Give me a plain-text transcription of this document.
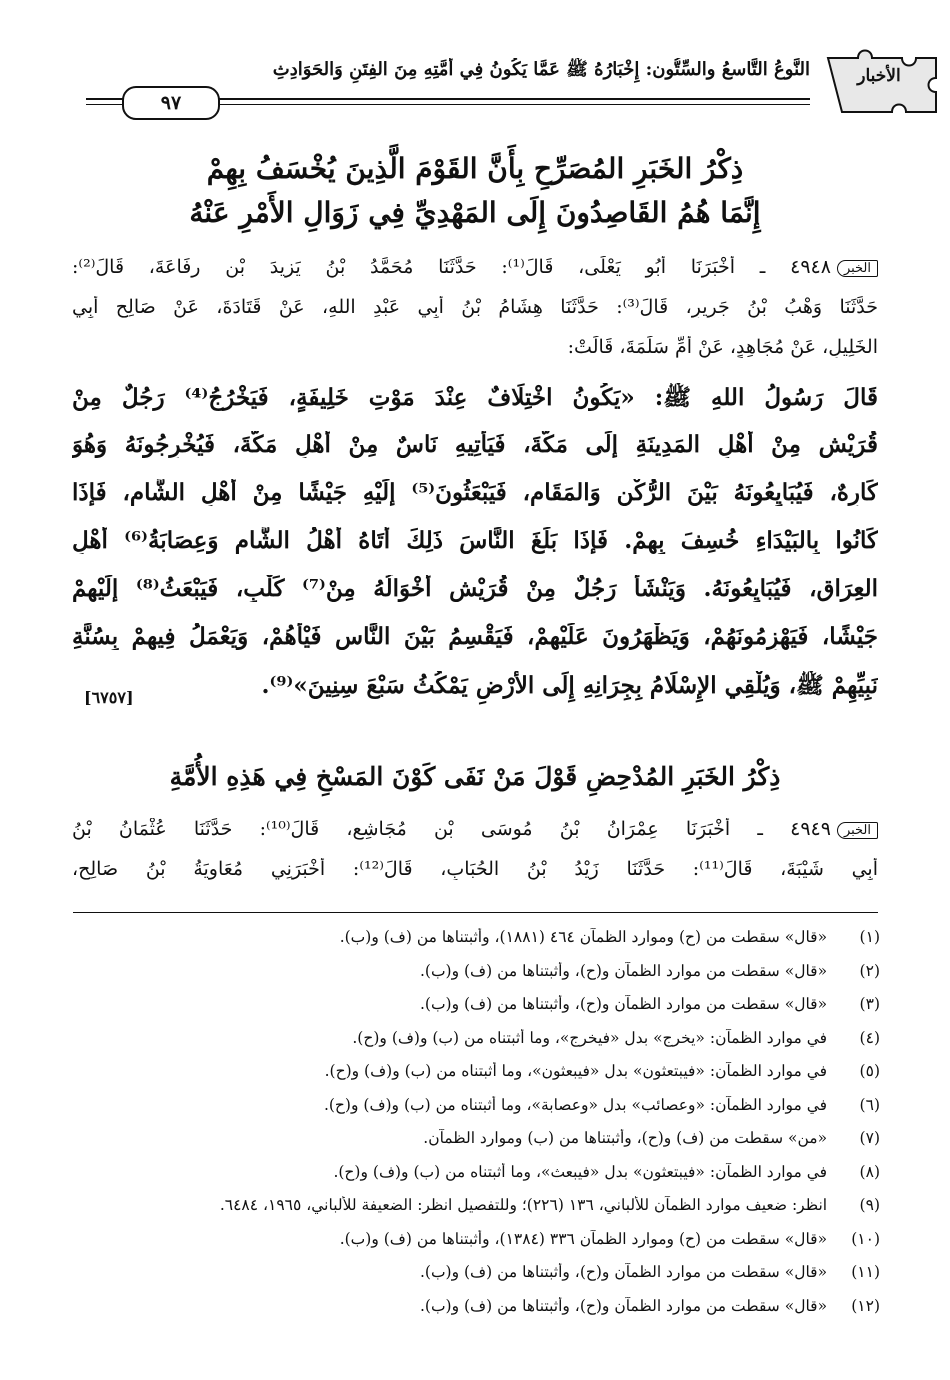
الأخبار
النَّوعُ التَّاسعُ والسِّتُّون: إِخْبَارُهُ ﷺ عَمَّا يَكُونُ فِي أُمَّتِهِ مِنَ الفِتَنِ وَالحَوَادِثِ
٩٧
ذِكْرُ الخَبَرِ المُصَرِّحِ بِأَنَّ القَوْمَ الَّذِينَ يُخْسَفُ بِهِمْ
إِنَّمَا هُمُ القَاصِدُونَ إِلَى المَهْدِيِّ فِي زَوَالِ الأَمْرِ عَنْهُ
الخبر٤٩٤٨ ـ أَخْبَرَنَا أَبُو يَعْلَى، قَالَ⁽¹⁾: حَدَّثَنَا مُحَمَّدُ بْنُ يَزِيدَ بْنِ رِفَاعَةَ، قَالَ⁽²⁾:
حَدَّثَنَا وَهْبُ بْنُ جَرِيرٍ، قَالَ⁽³⁾: حَدَّثَنَا هِشَامُ بْنُ أَبِي عَبْدِ اللهِ، عَنْ قَتَادَةَ، عَنْ صَالِحٍ أَبِي
الخَلِيلِ، عَنْ مُجَاهِدٍ، عَنْ أُمِّ سَلَمَةَ، قَالَتْ:
قَالَ رَسُولُ اللهِ ﷺ: «يَكُونُ اخْتِلَافٌ عِنْدَ مَوْتِ خَلِيفَةٍ، فَيَخْرُجُ⁽⁴⁾ رَجُلٌ مِنْ
قُرَيْشٍ مِنْ أَهْلِ المَدِينَةِ إِلَى مَكَّةَ، فَيَأْتِيهِ نَاسٌ مِنْ أَهْلِ مَكَّةَ، فَيُخْرِجُونَهُ وَهُوَ
كَارِهٌ، فَيُبَايِعُونَهُ بَيْنَ الرُّكْنِ وَالمَقَامِ، فَيَبْعَثُونَ⁽⁵⁾ إِلَيْهِ جَيْشًا مِنْ أَهْلِ الشَّامِ، فَإِذَا
كَانُوا بِالبَيْدَاءِ خُسِفَ بِهِمْ. فَإِذَا بَلَغَ النَّاسَ ذَلِكَ أَتَاهُ أَهْلُ الشَّامِ وَعِصَابَةُ⁽⁶⁾ أَهْلِ
العِرَاقِ، فَيُبَايِعُونَهُ. وَيَنْشَأُ رَجُلٌ مِنْ قُرَيْشٍ أَخْوَالُهُ مِنْ⁽⁷⁾ كَلْبٍ، فَيَبْعَثُ⁽⁸⁾ إِلَيْهِمْ
جَيْشًا، فَيَهْزِمُونَهُمْ، وَيَظْهَرُونَ عَلَيْهِمْ، فَيَقْسِمُ بَيْنَ النَّاسِ فَيْأَهُمْ، وَيَعْمَلُ فِيهِمْ بِسُنَّةِ
نَبِيِّهِمْ ﷺ، وَيُلْقِي الإِسْلَامُ بِجِرَانِهِ إِلَى الأَرْضِ يَمْكُثُ سَبْعَ سِنِينَ»⁽⁹⁾.
[٦٧٥٧]
ذِكْرُ الخَبَرِ المُدْحِضِ قَوْلَ مَنْ نَفَى كَوْنَ المَسْخِ فِي هَذِهِ الأُمَّةِ
الخبر٤٩٤٩ ـ أَخْبَرَنَا عِمْرَانُ بْنُ مُوسَى بْنِ مُجَاشِعٍ، قَالَ⁽¹⁰⁾: حَدَّثَنَا عُثْمَانُ بْنُ
أَبِي شَيْبَةَ، قَالَ⁽¹¹⁾: حَدَّثَنَا زَيْدُ بْنُ الحُبَابِ، قَالَ⁽¹²⁾: أَخْبَرَنِي مُعَاوِيَةُ بْنُ صَالِحٍ،
(١) «قال» سقطت من (ح) وموارد الظمآن ٤٦٤ (١٨٨١)، وأثبتناها من (ف) و(ب).
(٢) «قال» سقطت من موارد الظمآن و(ح)، وأثبتناها من (ف) و(ب).
(٣) «قال» سقطت من موارد الظمآن و(ح)، وأثبتناها من (ف) و(ب).
(٤) في موارد الظمآن: «يخرج» بدل «فيخرج»، وما أثبتناه من (ب) و(ف) و(ح).
(٥) في موارد الظمآن: «فيبتعثون» بدل «فيبعثون»، وما أثبتناه من (ب) و(ف) و(ح).
(٦) في موارد الظمآن: «وعصائب» بدل «وعصابة»، وما أثبتناه من (ب) و(ف) و(ح).
(٧) «من» سقطت من (ف) و(ح)، وأثبتناها من (ب) وموارد الظمآن.
(٨) في موارد الظمآن: «فيبتعثون» بدل «فيبعث»، وما أثبتناه من (ب) و(ف) و(ح).
(٩) انظر: ضعيف موارد الظمآن للألباني، ١٣٦ (٢٢٦)؛ وللتفصيل انظر: الضعيفة للألباني، ١٩٦٥، ٦٤٨٤.
(١٠) «قال» سقطت من (ح) وموارد الظمآن ٣٣٦ (١٣٨٤)، وأثبتناها من (ف) و(ب).
(١١) «قال» سقطت من موارد الظمآن و(ح)، وأثبتناها من (ف) و(ب).
(١٢) «قال» سقطت من موارد الظمآن و(ح)، وأثبتناها من (ف) و(ب).
